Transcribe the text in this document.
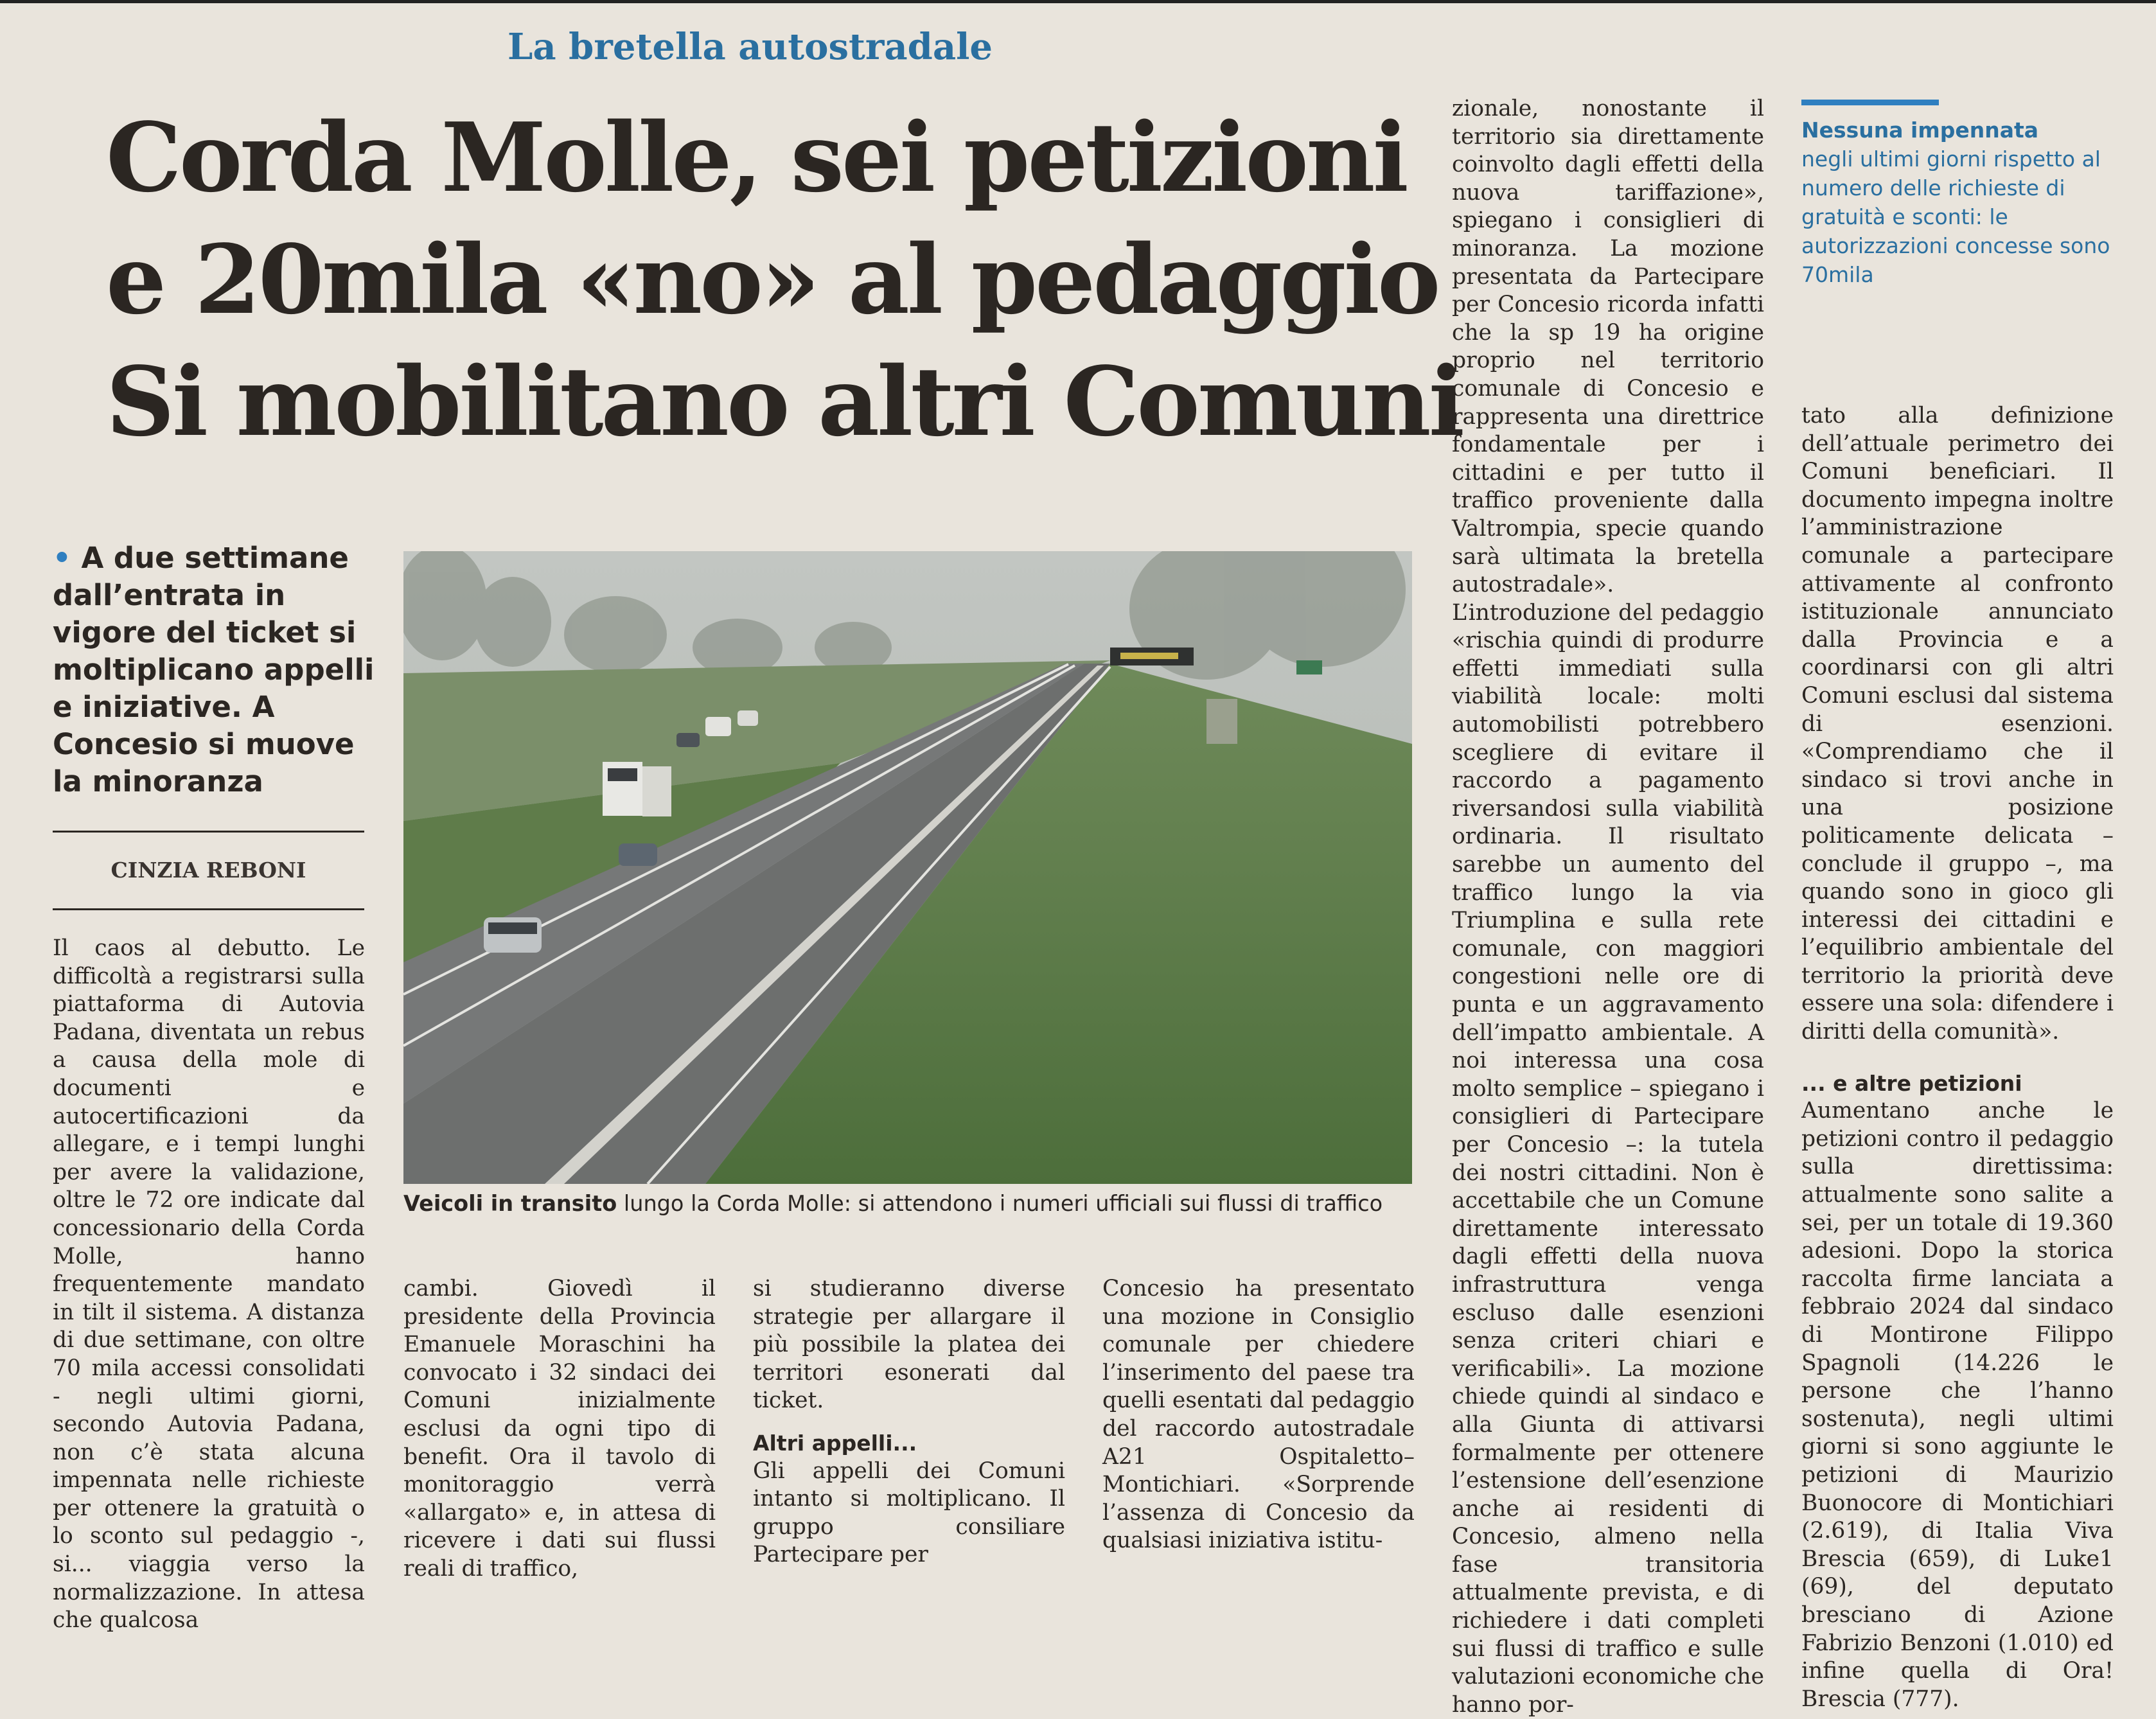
La bretella autostradale
Corda Molle, sei petizioni
e 20mila «no» al pedaggio
Si mobilitano altri Comuni
• A due settimane dall’entrata in vigore del ticket si moltiplicano appelli e iniziative. A Concesio si muove la minoranza
CINZIA REBONI

Il caos al debutto. Le difficoltà a registrarsi sulla piattaforma di Autovia Padana, diventata un rebus a causa della mole di documenti e autocertificazioni da allegare, e i tempi lunghi per avere la validazione, oltre le 72 ore indicate dal concessionario della Corda Molle, hanno frequentemente mandato in tilt il sistema. A distanza di due settimane, con oltre 70 mila accessi consolidati - negli ultimi giorni, secondo Autovia Padana, non c’è stata alcuna impennata nelle richieste per ottenere la gratuità o lo sconto sul pedaggio -, si... viaggia verso la normalizzazione. In attesa che qualcosa

Veicoli in transito lungo la Corda Molle: si attendono i numeri ufficiali sui flussi di traffico

cambi. Giovedì il presidente della Provincia Emanuele Moraschini ha convocato i 32 sindaci dei Comuni inizialmente esclusi da ogni tipo di benefit. Ora il tavolo di monitoraggio verrà «allargato» e, in attesa di ricevere i dati sui flussi reali di traffico,

si studieranno diverse strategie per allargare il più possibile la platea dei territori esonerati dal ticket.

Altri appelli...

Gli appelli dei Comuni intanto si moltiplicano. Il gruppo consiliare Partecipare per

Concesio ha presentato una mozione in Consiglio comunale per chiedere l’inserimento del paese tra quelli esentati dal pedaggio del raccordo autostradale A21 Ospitaletto–Montichiari. «Sorprende l’assenza di Concesio da qualsiasi iniziativa istitu-

zionale, nonostante il territorio sia direttamente coinvolto dagli effetti della nuova tariffazione», spiegano i consiglieri di minoranza. La mozione presentata da Partecipare per Concesio ricorda infatti che la sp 19 ha origine proprio nel territorio comunale di Concesio e rappresenta una direttrice fondamentale per i cittadini e per tutto il traffico proveniente dalla Valtrompia, specie quando sarà ultimata la bretella autostradale». L’introduzione del pedaggio «rischia quindi di produrre effetti immediati sulla viabilità locale: molti automobilisti potrebbero scegliere di evitare il raccordo a pagamento riversandosi sulla viabilità ordinaria. Il risultato sarebbe un aumento del traffico lungo la via Triumplina e sulla rete comunale, con maggiori congestioni nelle ore di punta e un aggravamento dell’impatto ambientale. A noi interessa una cosa molto semplice – spiegano i consiglieri di Partecipare per Concesio –: la tutela dei nostri cittadini. Non è accettabile che un Comune direttamente interessato dagli effetti della nuova infrastruttura venga escluso dalle esenzioni senza criteri chiari e verificabili». La mozione chiede quindi al sindaco e alla Giunta di attivarsi formalmente per ottenere l’estensione dell’esenzione anche ai residenti di Concesio, almeno nella fase transitoria attualmente prevista, e di richiedere i dati completi sui flussi di traffico e sulle valutazioni economiche che hanno por-

Nessuna impennata
negli ultimi giorni rispetto al numero delle richieste di gratuità e sconti: le autorizzazioni concesse sono 70mila

tato alla definizione dell’attuale perimetro dei Comuni beneficiari. Il documento impegna inoltre l’amministrazione comunale a partecipare attivamente al confronto istituzionale annunciato dalla Provincia e a coordinarsi con gli altri Comuni esclusi dal sistema di esenzioni. «Comprendiamo che il sindaco si trovi anche in una posizione politicamente delicata – conclude il gruppo –, ma quando sono in gioco gli interessi dei cittadini e l’equilibrio ambientale del territorio la priorità deve essere una sola: difendere i diritti della comunità».

... e altre petizioni

Aumentano anche le petizioni contro il pedaggio sulla direttissima: attualmente sono salite a sei, per un totale di 19.360 adesioni. Dopo la storica raccolta firme lanciata a febbraio 2024 dal sindaco di Montirone Filippo Spagnoli (14.226 le persone che l’hanno sostenuta), negli ultimi giorni si sono aggiunte le petizioni di Maurizio Buonocore di Montichiari (2.619), di Italia Viva Brescia (659), di Luke1 (69), del deputato bresciano di Azione Fabrizio Benzoni (1.010) ed infine quella di Ora! Brescia (777).
